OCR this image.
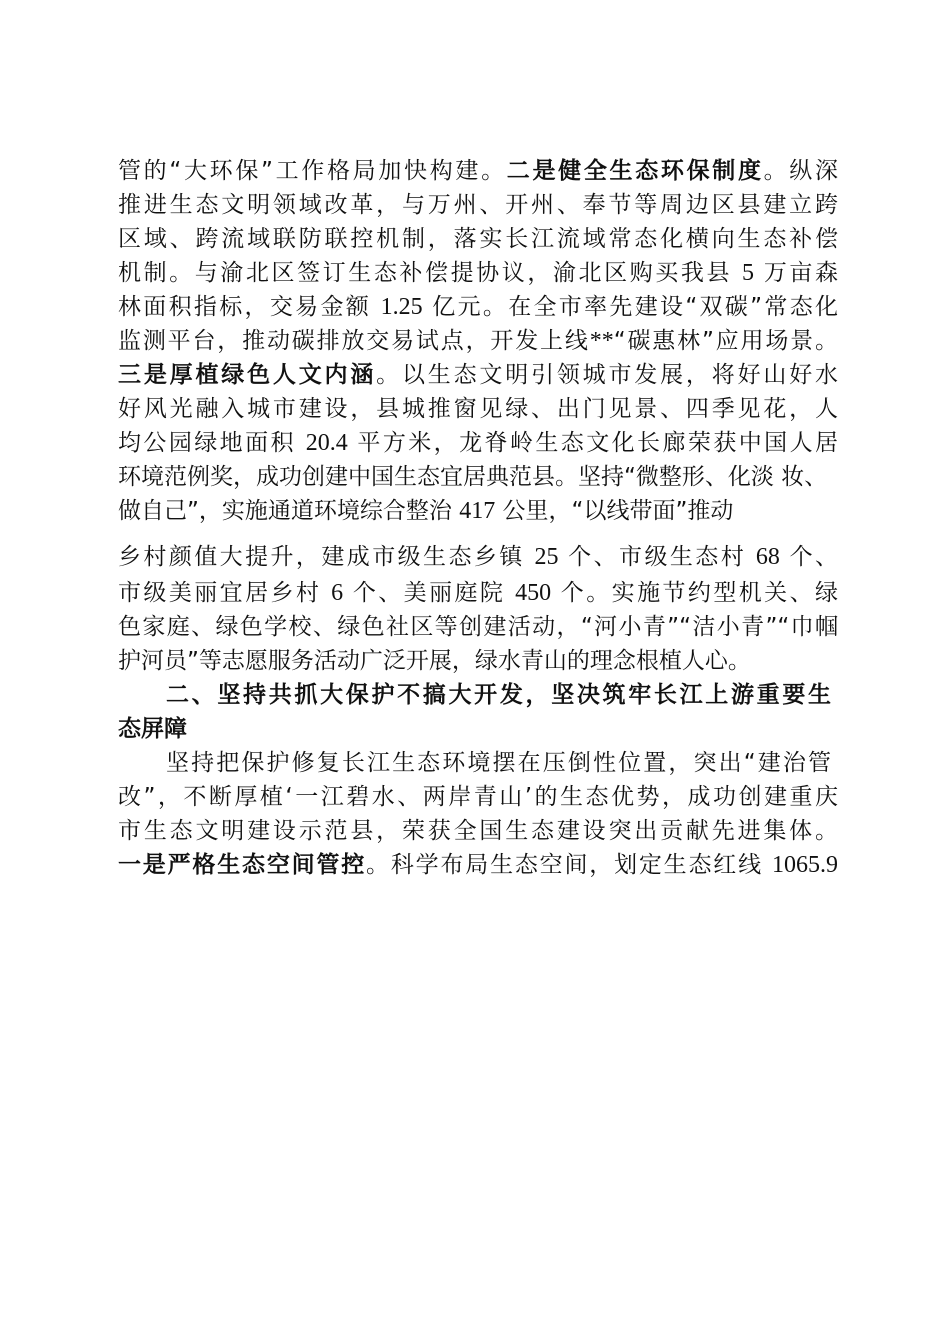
管的“大环保”工作格局加快构建。二是健全生态环保制度。纵深
推进生态文明领域改革，与万州、开州、奉节等周边区县建立跨
区域、跨流域联防联控机制，落实长江流域常态化横向生态补偿
机制。与渝北区签订生态补偿提协议，渝北区购买我县 5 万亩森
林面积指标，交易金额 1.25 亿元。在全市率先建设“双碳”常态化
监测平台，推动碳排放交易试点，开发上线**“碳惠林”应用场景。
三是厚植绿色人文内涵。以生态文明引领城市发展，将好山好水
好风光融入城市建设，县城推窗见绿、出门见景、四季见花，人
均公园绿地面积 20.4 平方米，龙脊岭生态文化长廊荣获中国人居
环境范例奖，成功创建中国生态宜居典范县。坚持“微整形、化淡 妆、
做自己”，实施通道环境综合整治 417 公里，“以线带面”推动
乡村颜值大提升，建成市级生态乡镇 25 个、市级生态村 68 个、
市级美丽宜居乡村 6 个、美丽庭院 450 个。实施节约型机关、绿
色家庭、绿色学校、绿色社区等创建活动，“河小青”“洁小青”“巾帼
护河员”等志愿服务活动广泛开展，绿水青山的理念根植人心。
二、坚持共抓大保护不搞大开发，坚决筑牢长江上游重要生
态屏障
坚持把保护修复长江生态环境摆在压倒性位置，突出“建治管
改”，不断厚植‘一江碧水、两岸青山’的生态优势，成功创建重庆
市生态文明建设示范县，荣获全国生态建设突出贡献先进集体。
一是严格生态空间管控。科学布局生态空间，划定生态红线 1065.9
